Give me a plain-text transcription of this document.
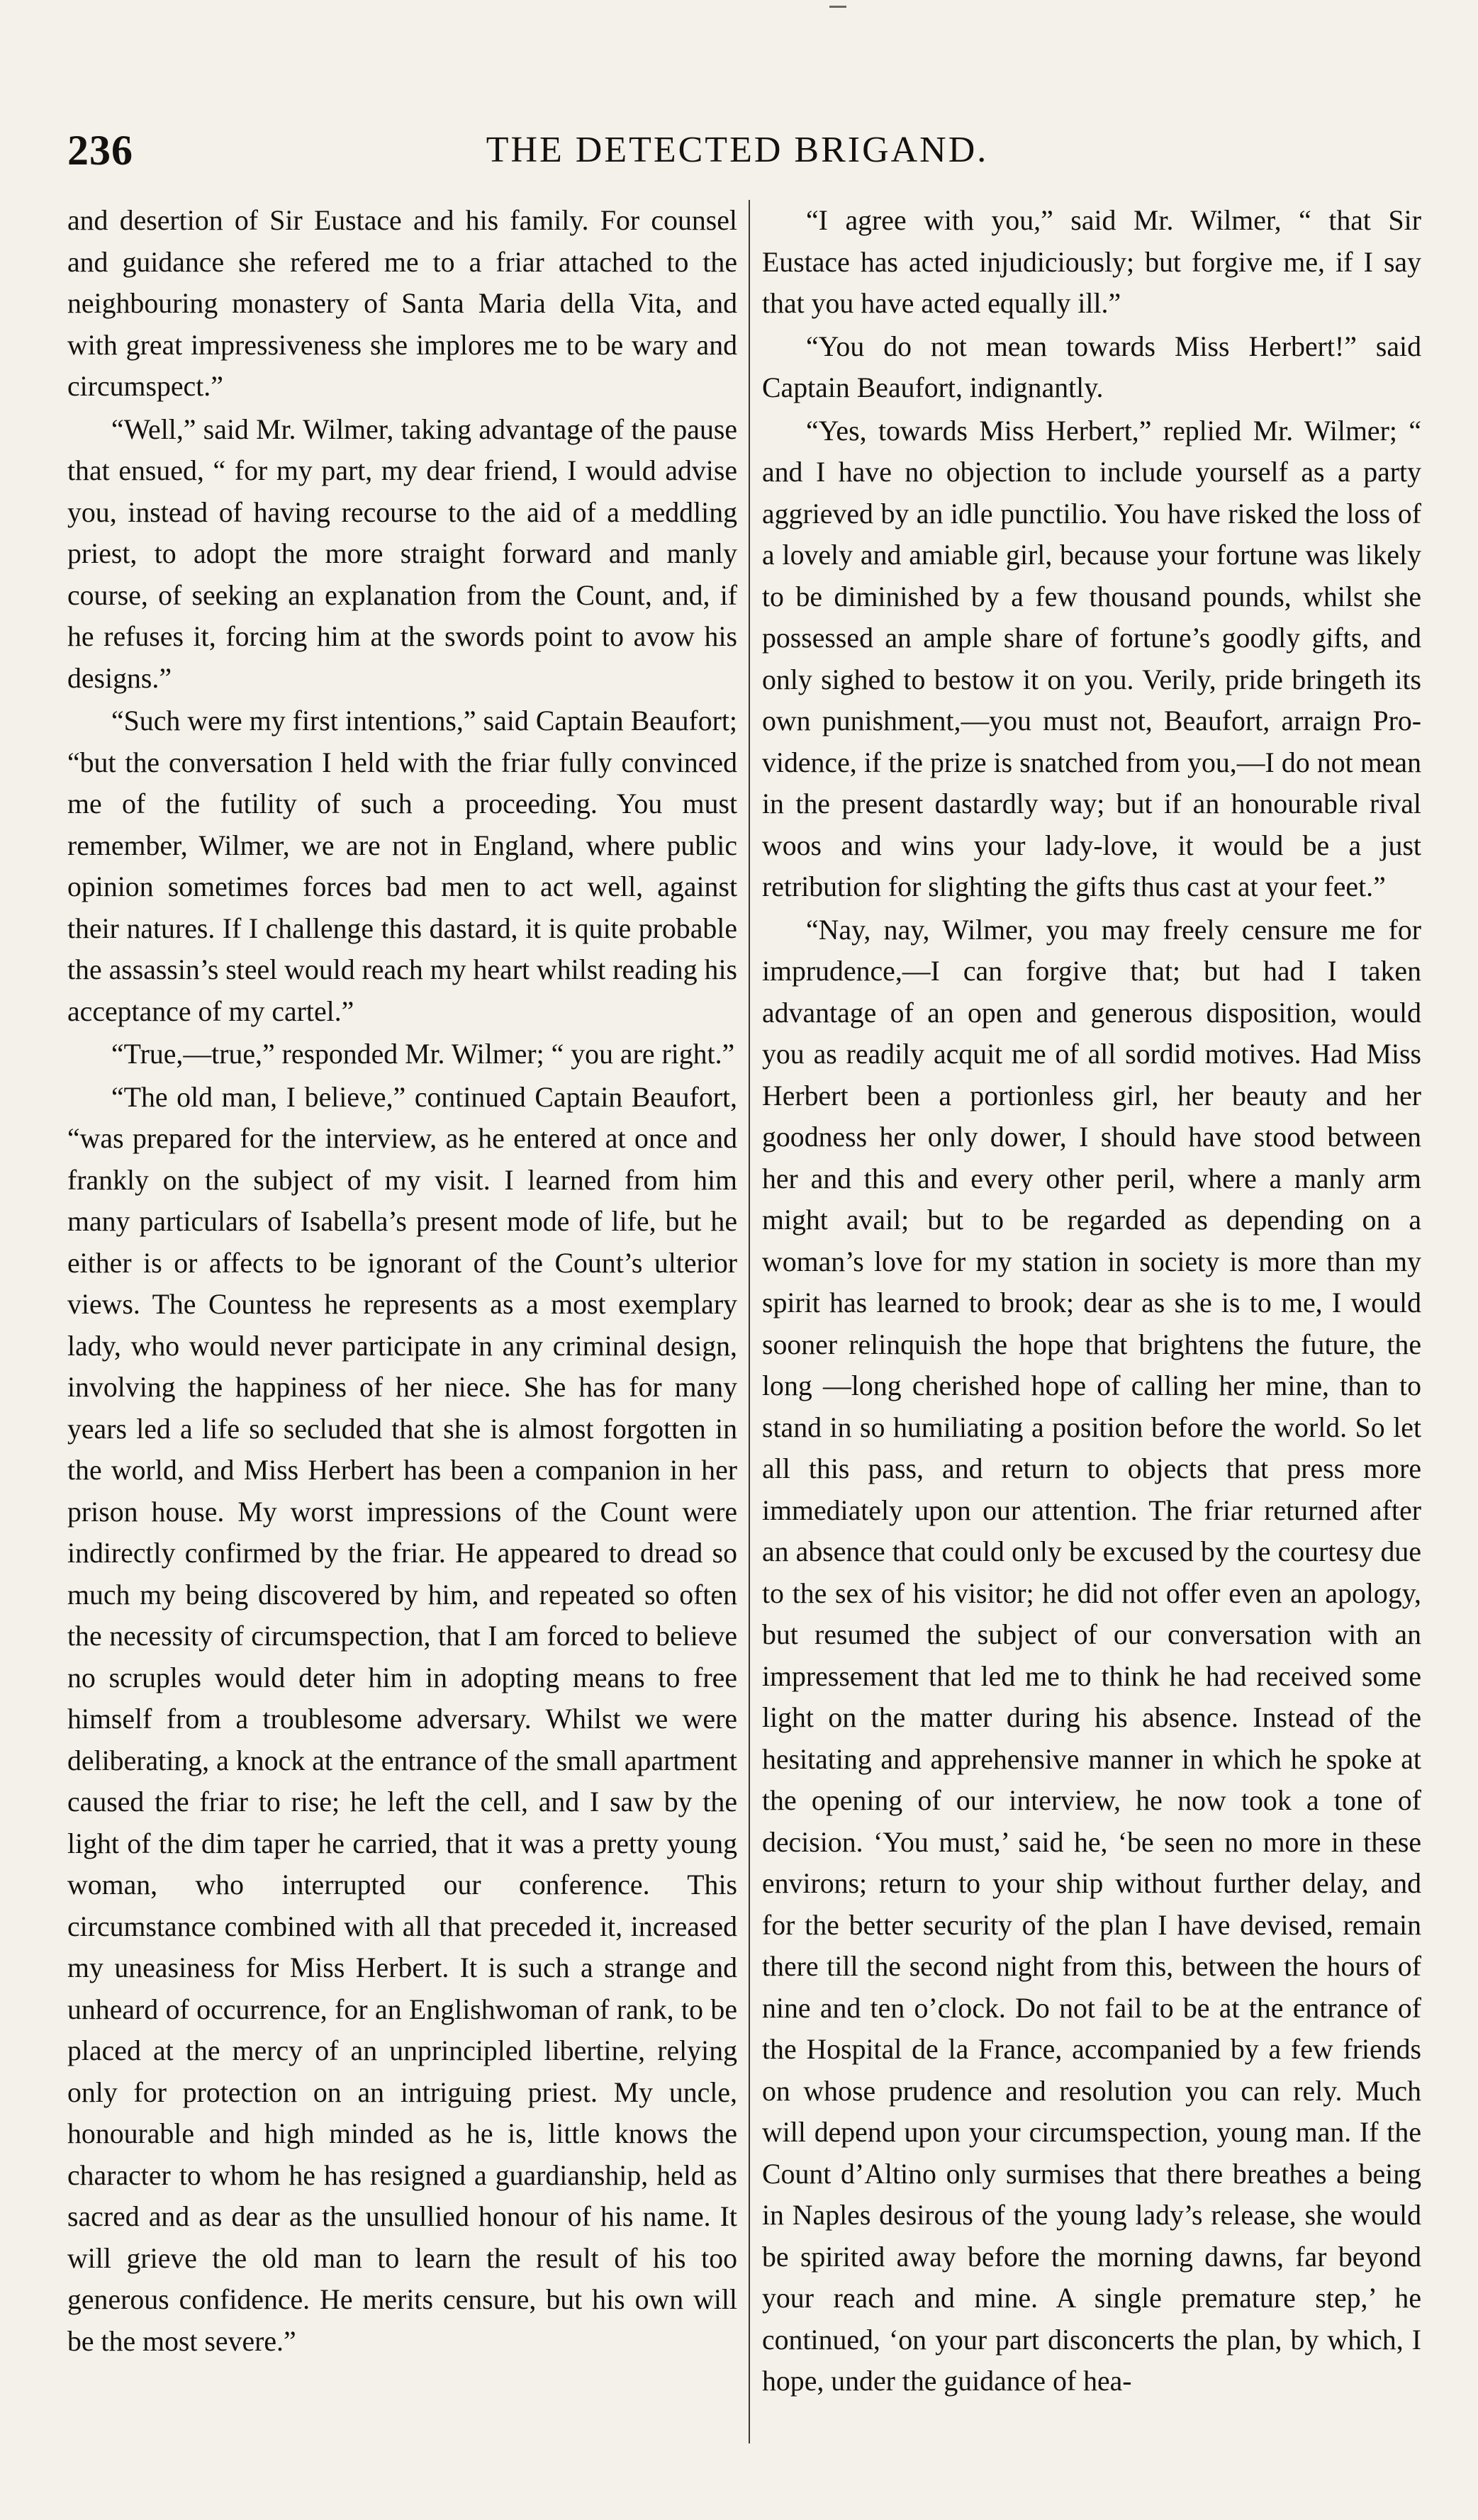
236	THE DETECTED BRIGAND.

and desertion of Sir Eustace and his family. For counsel and guidance she refered me to a friar attached to the neighbouring monastery of Santa Maria della Vita, and with great impressiveness she implores me to be wary and circumspect.”

“Well,” said Mr. Wilmer, taking advantage of the pause that ensued, “ for my part, my dear friend, I would advise you, instead of having recourse to the aid of a meddling priest, to adopt the more straight forward and manly course, of seeking an explanation from the Count, and, if he refuses it, forcing him at the swords point to avow his designs.”

“Such were my first intentions,” said Captain Beaufort; “but the conversation I held with the friar fully convinced me of the futility of such a proceeding. You must remember, Wilmer, we are not in England, where public opinion sometimes forces bad men to act well, against their natures. If I challenge this dastard, it is quite probable the assassin’s steel would reach my heart whilst reading his acceptance of my cartel.”

“True,—true,” responded Mr. Wilmer; “ you are right.”

“The old man, I believe,” continued Captain Beaufort, “was prepared for the interview, as he entered at once and frankly on the subject of my visit. I learned from him many particulars of Isabella’s present mode of life, but he either is or affects to be ignorant of the Count’s ulterior views. The Countess he represents as a most exemplary lady, who would never participate in any criminal design, involving the happiness of her niece. She has for many years led a life so secluded that she is almost forgotten in the world, and Miss Herbert has been a companion in her prison house. My worst impressions of the Count were indirectly confirmed by the friar. He appeared to dread so much my being discovered by him, and repeated so often the necessity of circumspection, that I am forced to believe no scruples would deter him in adopting means to free himself from a troublesome adversary. Whilst we were deliberating, a knock at the entrance of the small apartment caused the friar to rise; he left the cell, and I saw by the light of the dim taper he carried, that it was a pretty young woman, who interrupted our conference. This circumstance combined with all that preceded it, increased my uneasiness for Miss Herbert. It is such a strange and unheard of occurrence, for an Englishwoman of rank, to be placed at the mercy of an unprincipled libertine, relying only for protection on an intriguing priest. My uncle, honourable and high minded as he is, little knows the character to whom he has resigned a guardianship, held as sacred and as dear as the unsullied honour of his name. It will grieve the old man to learn the result of his too generous confidence. He merits censure, but his own will be the most severe.”

“I agree with you,” said Mr. Wilmer, “ that Sir Eustace has acted injudiciously; but forgive me, if I say that you have acted equally ill.”

“You do not mean towards Miss Herbert!” said Captain Beaufort, indignantly.

“Yes, towards Miss Herbert,” replied Mr. Wilmer; “ and I have no objection to include yourself as a party aggrieved by an idle punctilio. You have risked the loss of a lovely and amiable girl, because your fortune was likely to be diminished by a few thousand pounds, whilst she possessed an ample share of fortune’s goodly gifts, and only sighed to bestow it on you. Verily, pride bringeth its own punishment,—you must not, Beaufort, arraign Providence, if the prize is snatched from you,—I do not mean in the present dastardly way; but if an honourable rival woos and wins your lady-love, it would be a just retribution for slighting the gifts thus cast at your feet.”

“Nay, nay, Wilmer, you may freely censure me for imprudence,—I can forgive that; but had I taken advantage of an open and generous disposition, would you as readily acquit me of all sordid motives. Had Miss Herbert been a portionless girl, her beauty and her goodness her only dower, I should have stood between her and this and every other peril, where a manly arm might avail; but to be regarded as depending on a woman’s love for my station in society is more than my spirit has learned to brook; dear as she is to me, I would sooner relinquish the hope that brightens the future, the long —long cherished hope of calling her mine, than to stand in so humiliating a position before the world. So let all this pass, and return to objects that press more immediately upon our attention. The friar returned after an absence that could only be excused by the courtesy due to the sex of his visitor; he did not offer even an apology, but resumed the subject of our conversation with an impressement that led me to think he had received some light on the matter during his absence. Instead of the hesitating and apprehensive manner in which he spoke at the opening of our interview, he now took a tone of decision. ‘You must,’ said he, ‘be seen no more in these environs; return to your ship without further delay, and for the better security of the plan I have devised, remain there till the second night from this, between the hours of nine and ten o’clock. Do not fail to be at the entrance of the Hospital de la France, accompanied by a few friends on whose prudence and resolution you can rely. Much will depend upon your circumspection, young man. If the Count d’Altino only surmises that there breathes a being in Naples desirous of the young lady’s release, she would be spirited away before the morning dawns, far beyond your reach and mine. A single premature step,’ he continued, ‘on your part disconcerts the plan, by which, I hope, under the guidance of hea-
